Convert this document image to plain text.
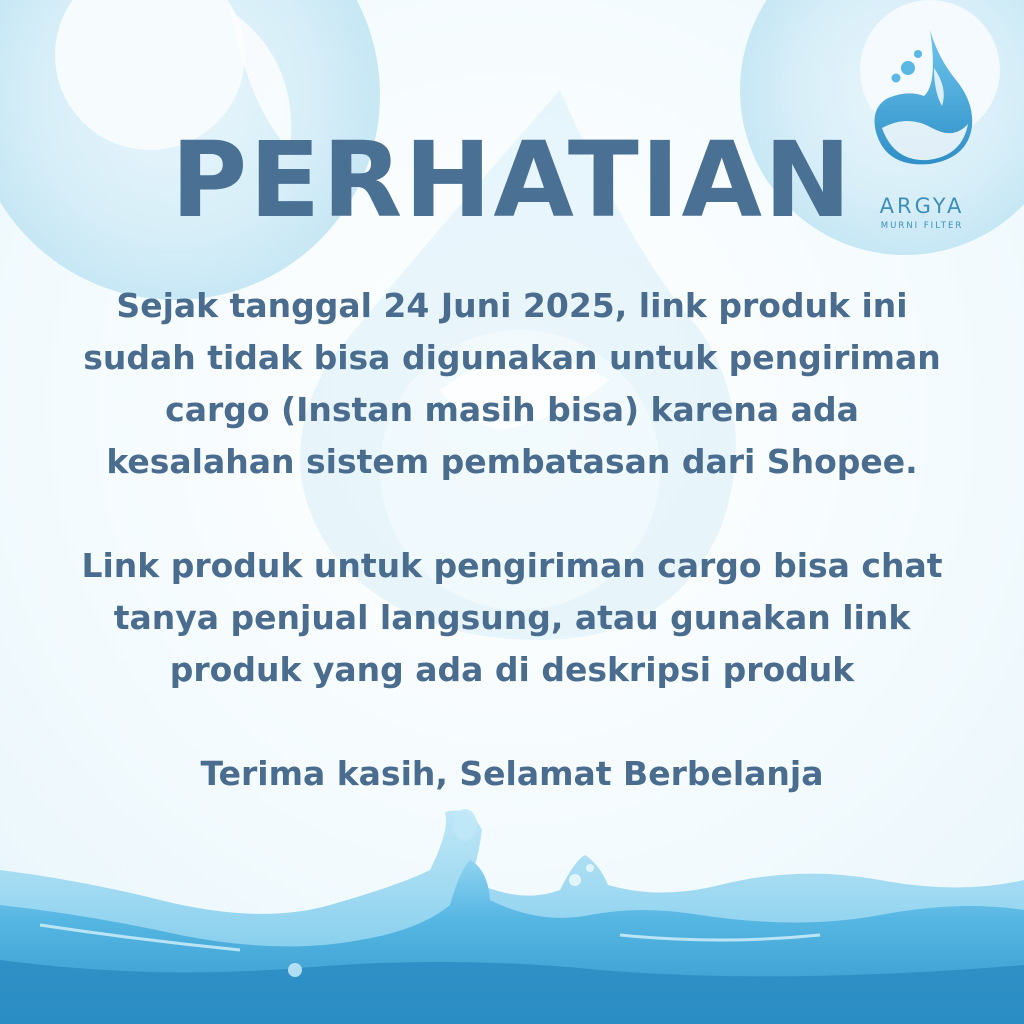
ARGYA
MURNI FILTER
PERHATIAN
Sejak tanggal 24 Juni 2025, link produk ini
sudah tidak bisa digunakan untuk pengiriman
cargo (Instan masih bisa) karena ada
kesalahan sistem pembatasan dari Shopee.
Link produk untuk pengiriman cargo bisa chat
tanya penjual langsung, atau gunakan link
produk yang ada di deskripsi produk
Terima kasih, Selamat Berbelanja
